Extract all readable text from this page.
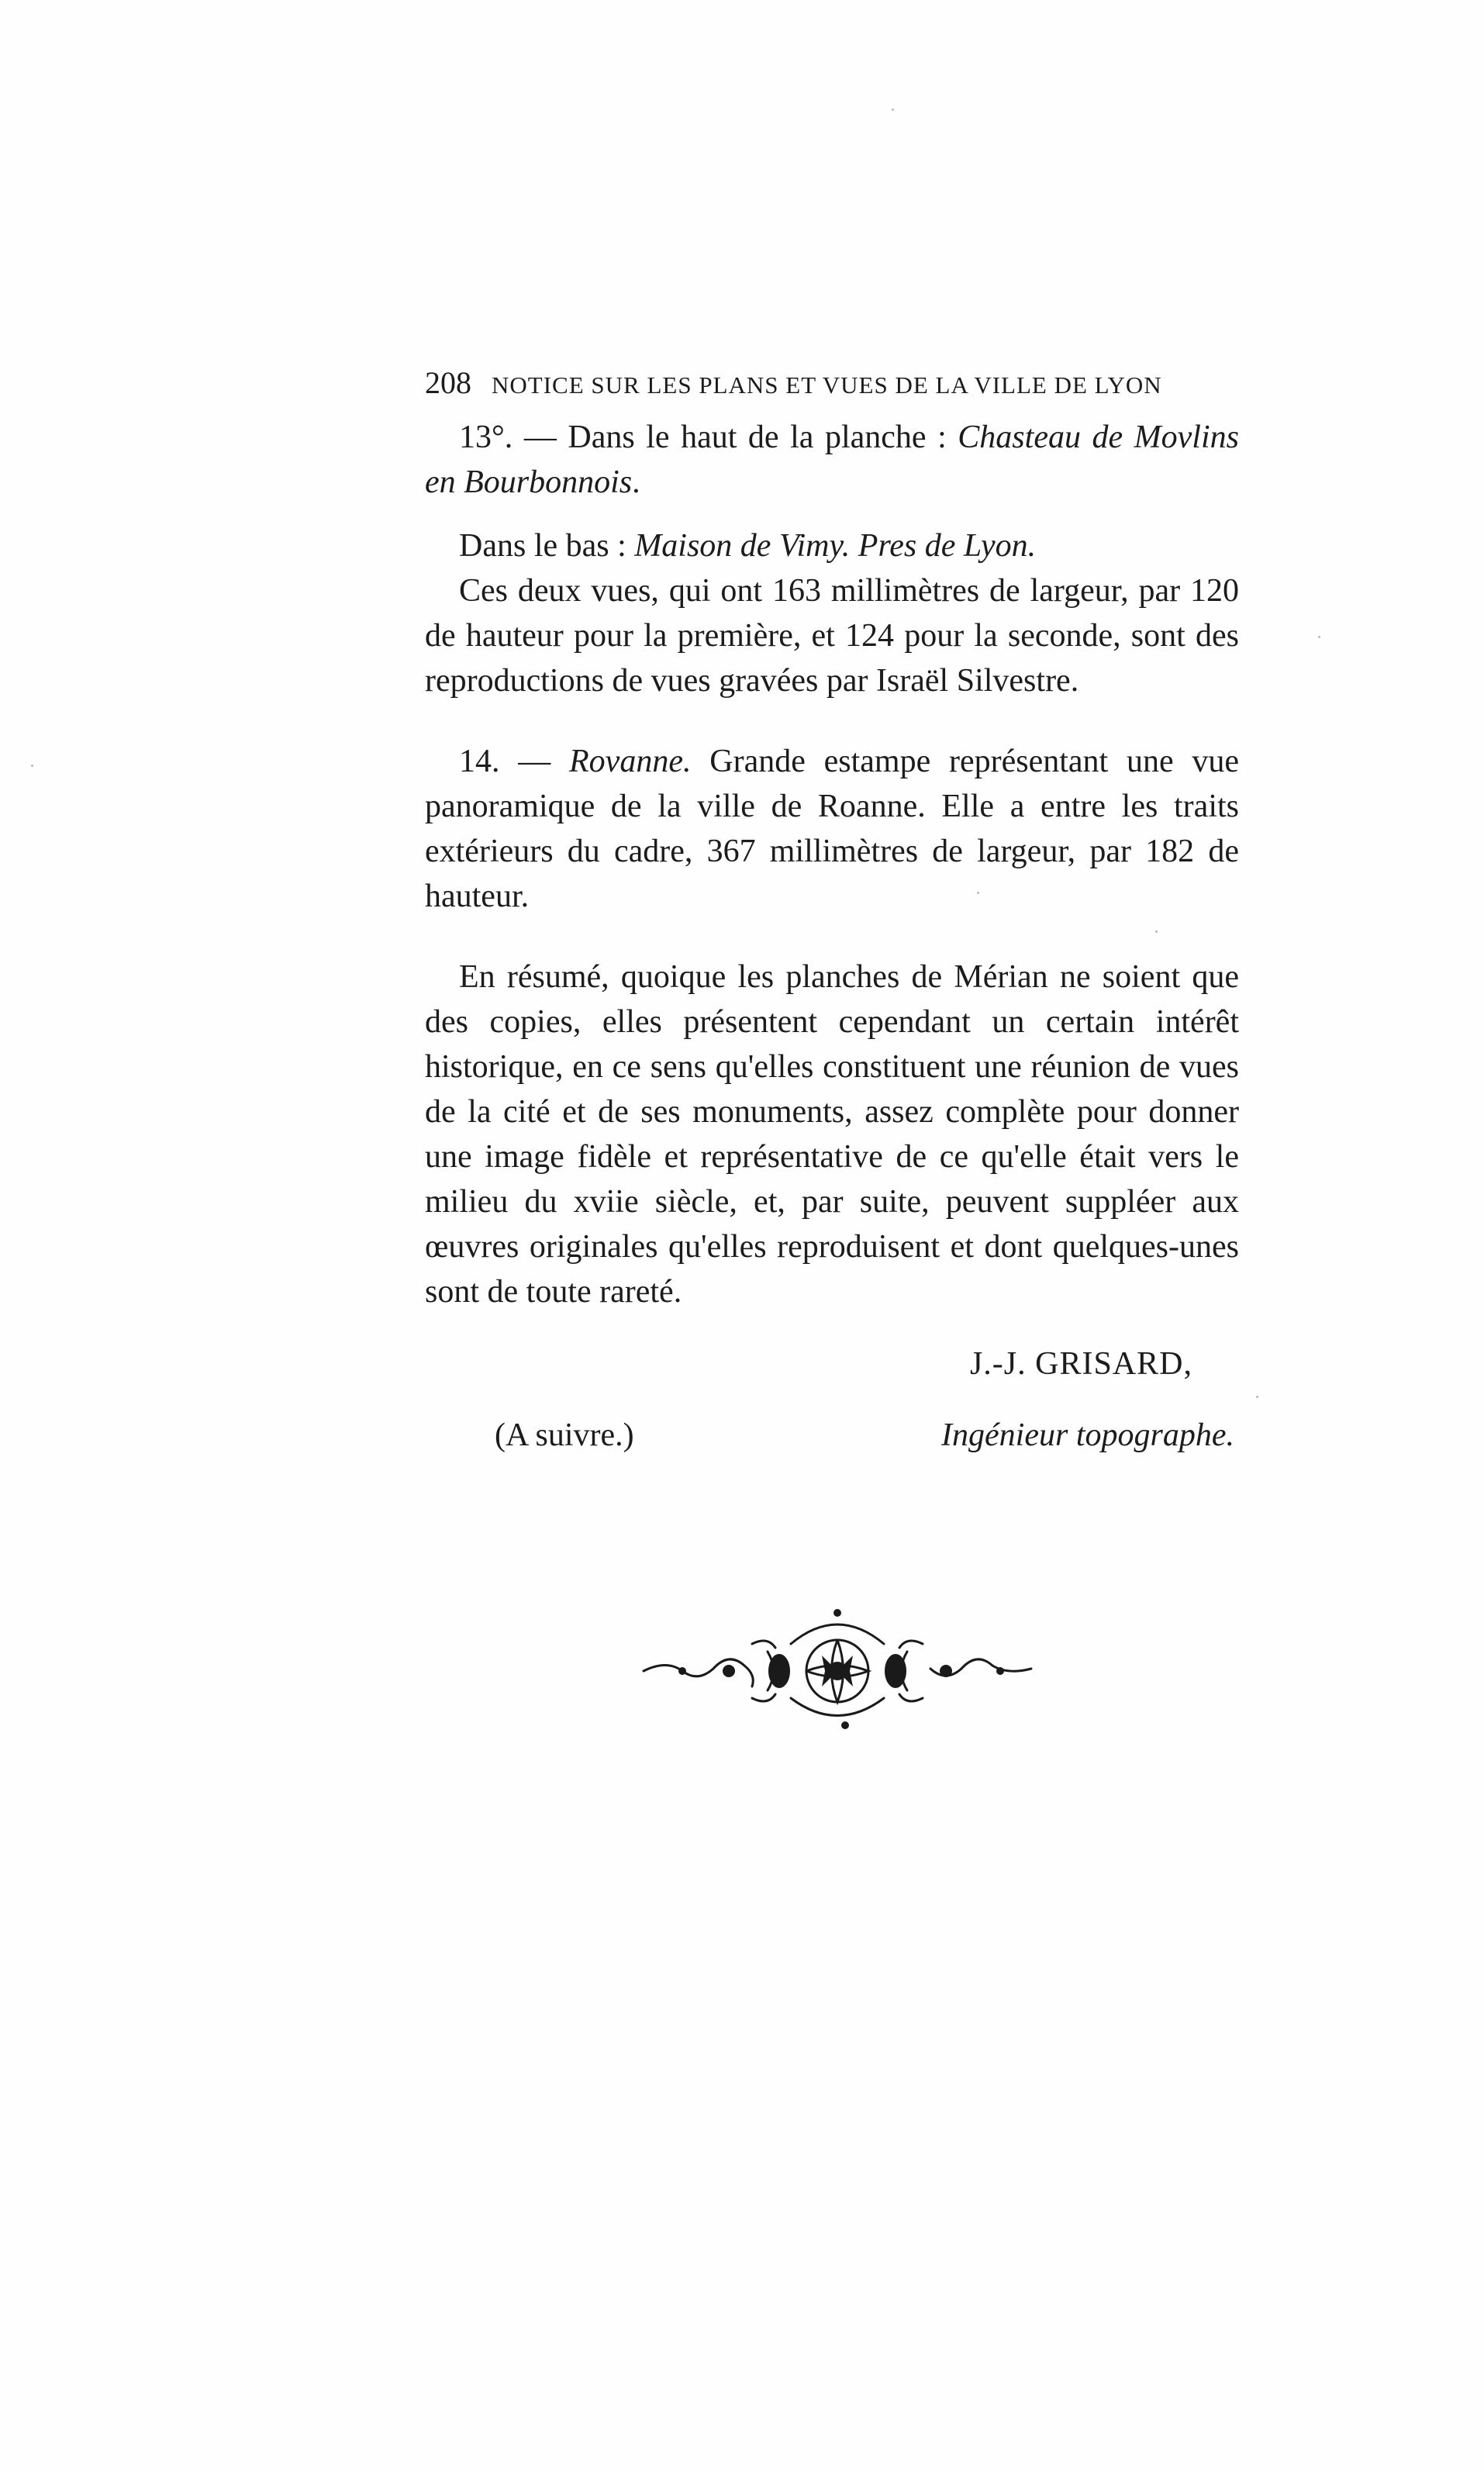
208 NOTICE SUR LES PLANS ET VUES DE LA VILLE DE LYON

13°. — Dans le haut de la planche : Chasteau de Movlins en Bourbonnois.

Dans le bas : Maison de Vimy. Pres de Lyon.

Ces deux vues, qui ont 163 millimètres de largeur, par 120 de hauteur pour la première, et 124 pour la seconde, sont des reproductions de vues gravées par Israël Silvestre.

14. — Rovanne. Grande estampe représentant une vue panoramique de la ville de Roanne. Elle a entre les traits extérieurs du cadre, 367 millimètres de largeur, par 182 de hauteur.

En résumé, quoique les planches de Mérian ne soient que des copies, elles présentent cependant un certain intérêt historique, en ce sens qu'elles constituent une réunion de vues de la cité et de ses monuments, assez complète pour donner une image fidèle et représentative de ce qu'elle était vers le milieu du xviie siècle, et, par suite, peuvent suppléer aux œuvres originales qu'elles reproduisent et dont quelques-unes sont de toute rareté.

J.-J. GRISARD,
(A suivre.)	Ingénieur topographe.
